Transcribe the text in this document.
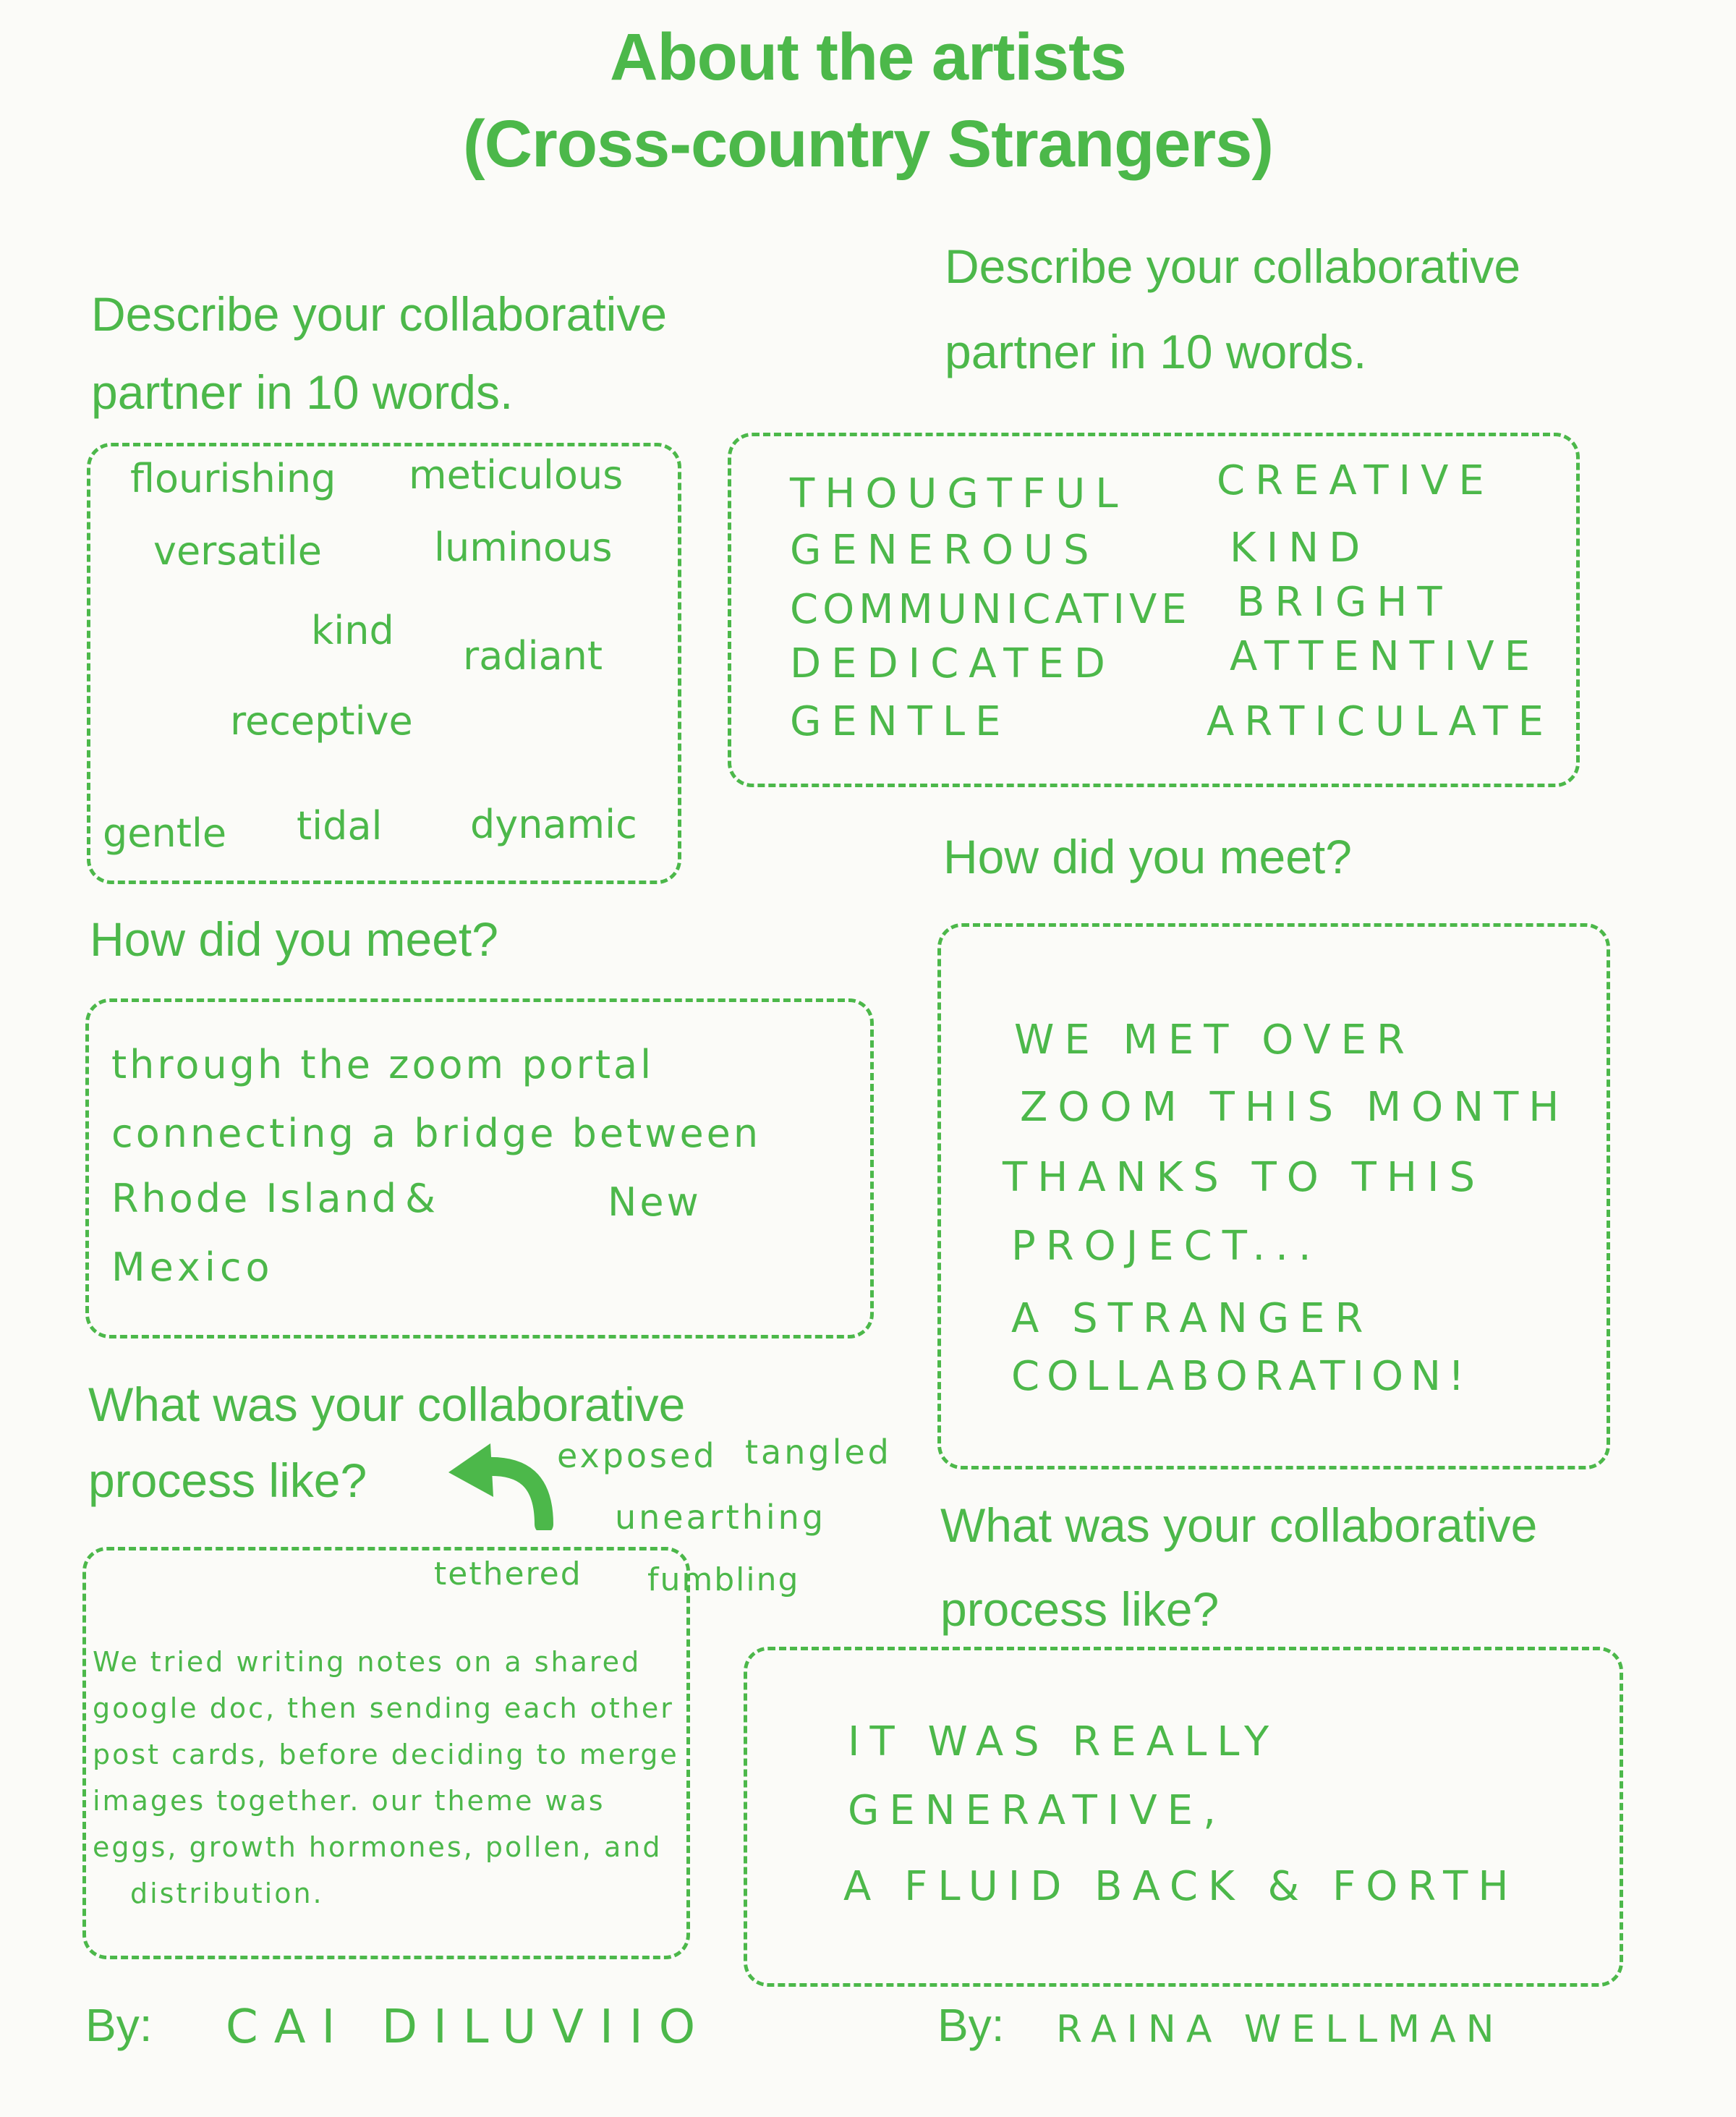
About the artists
(Cross-country Strangers)
Describe your collaborative
partner in 10 words.
flourishing meticulous
versatile	luminous
kind
radiant
receptive
gentle tidal dynamic
How did you meet?
through the zoom portal
connecting a bridge between
Rhode Island &	New
Mexico
What was your collaborative
process like?	exposed tangled
unearthing
tethered fumbling
We tried writing notes on a shared
google doc, then sending each other
post cards, before deciding to merge
images together. our theme was
eggs, growth hormones, pollen, and
distribution.
By: CAI DILUVIIO
Describe your collaborative
partner in 10 words.
THOUGTFUL CREATIVE
GENEROUS	KIND
COMMUNICATIVE BRIGHT
DEDICATED	ATTENTIVE
GENTLE	ARTICULATE
How did you meet?
WE MET OVER
ZOOM THIS MONTH
THANKS TO THIS
PROJECT...
A STRANGER
COLLABORATION!
What was your collaborative
process like?
IT WAS REALLY
GENERATIVE,
A FLUID BACK & FORTH
By: RAINA WELLMAN
